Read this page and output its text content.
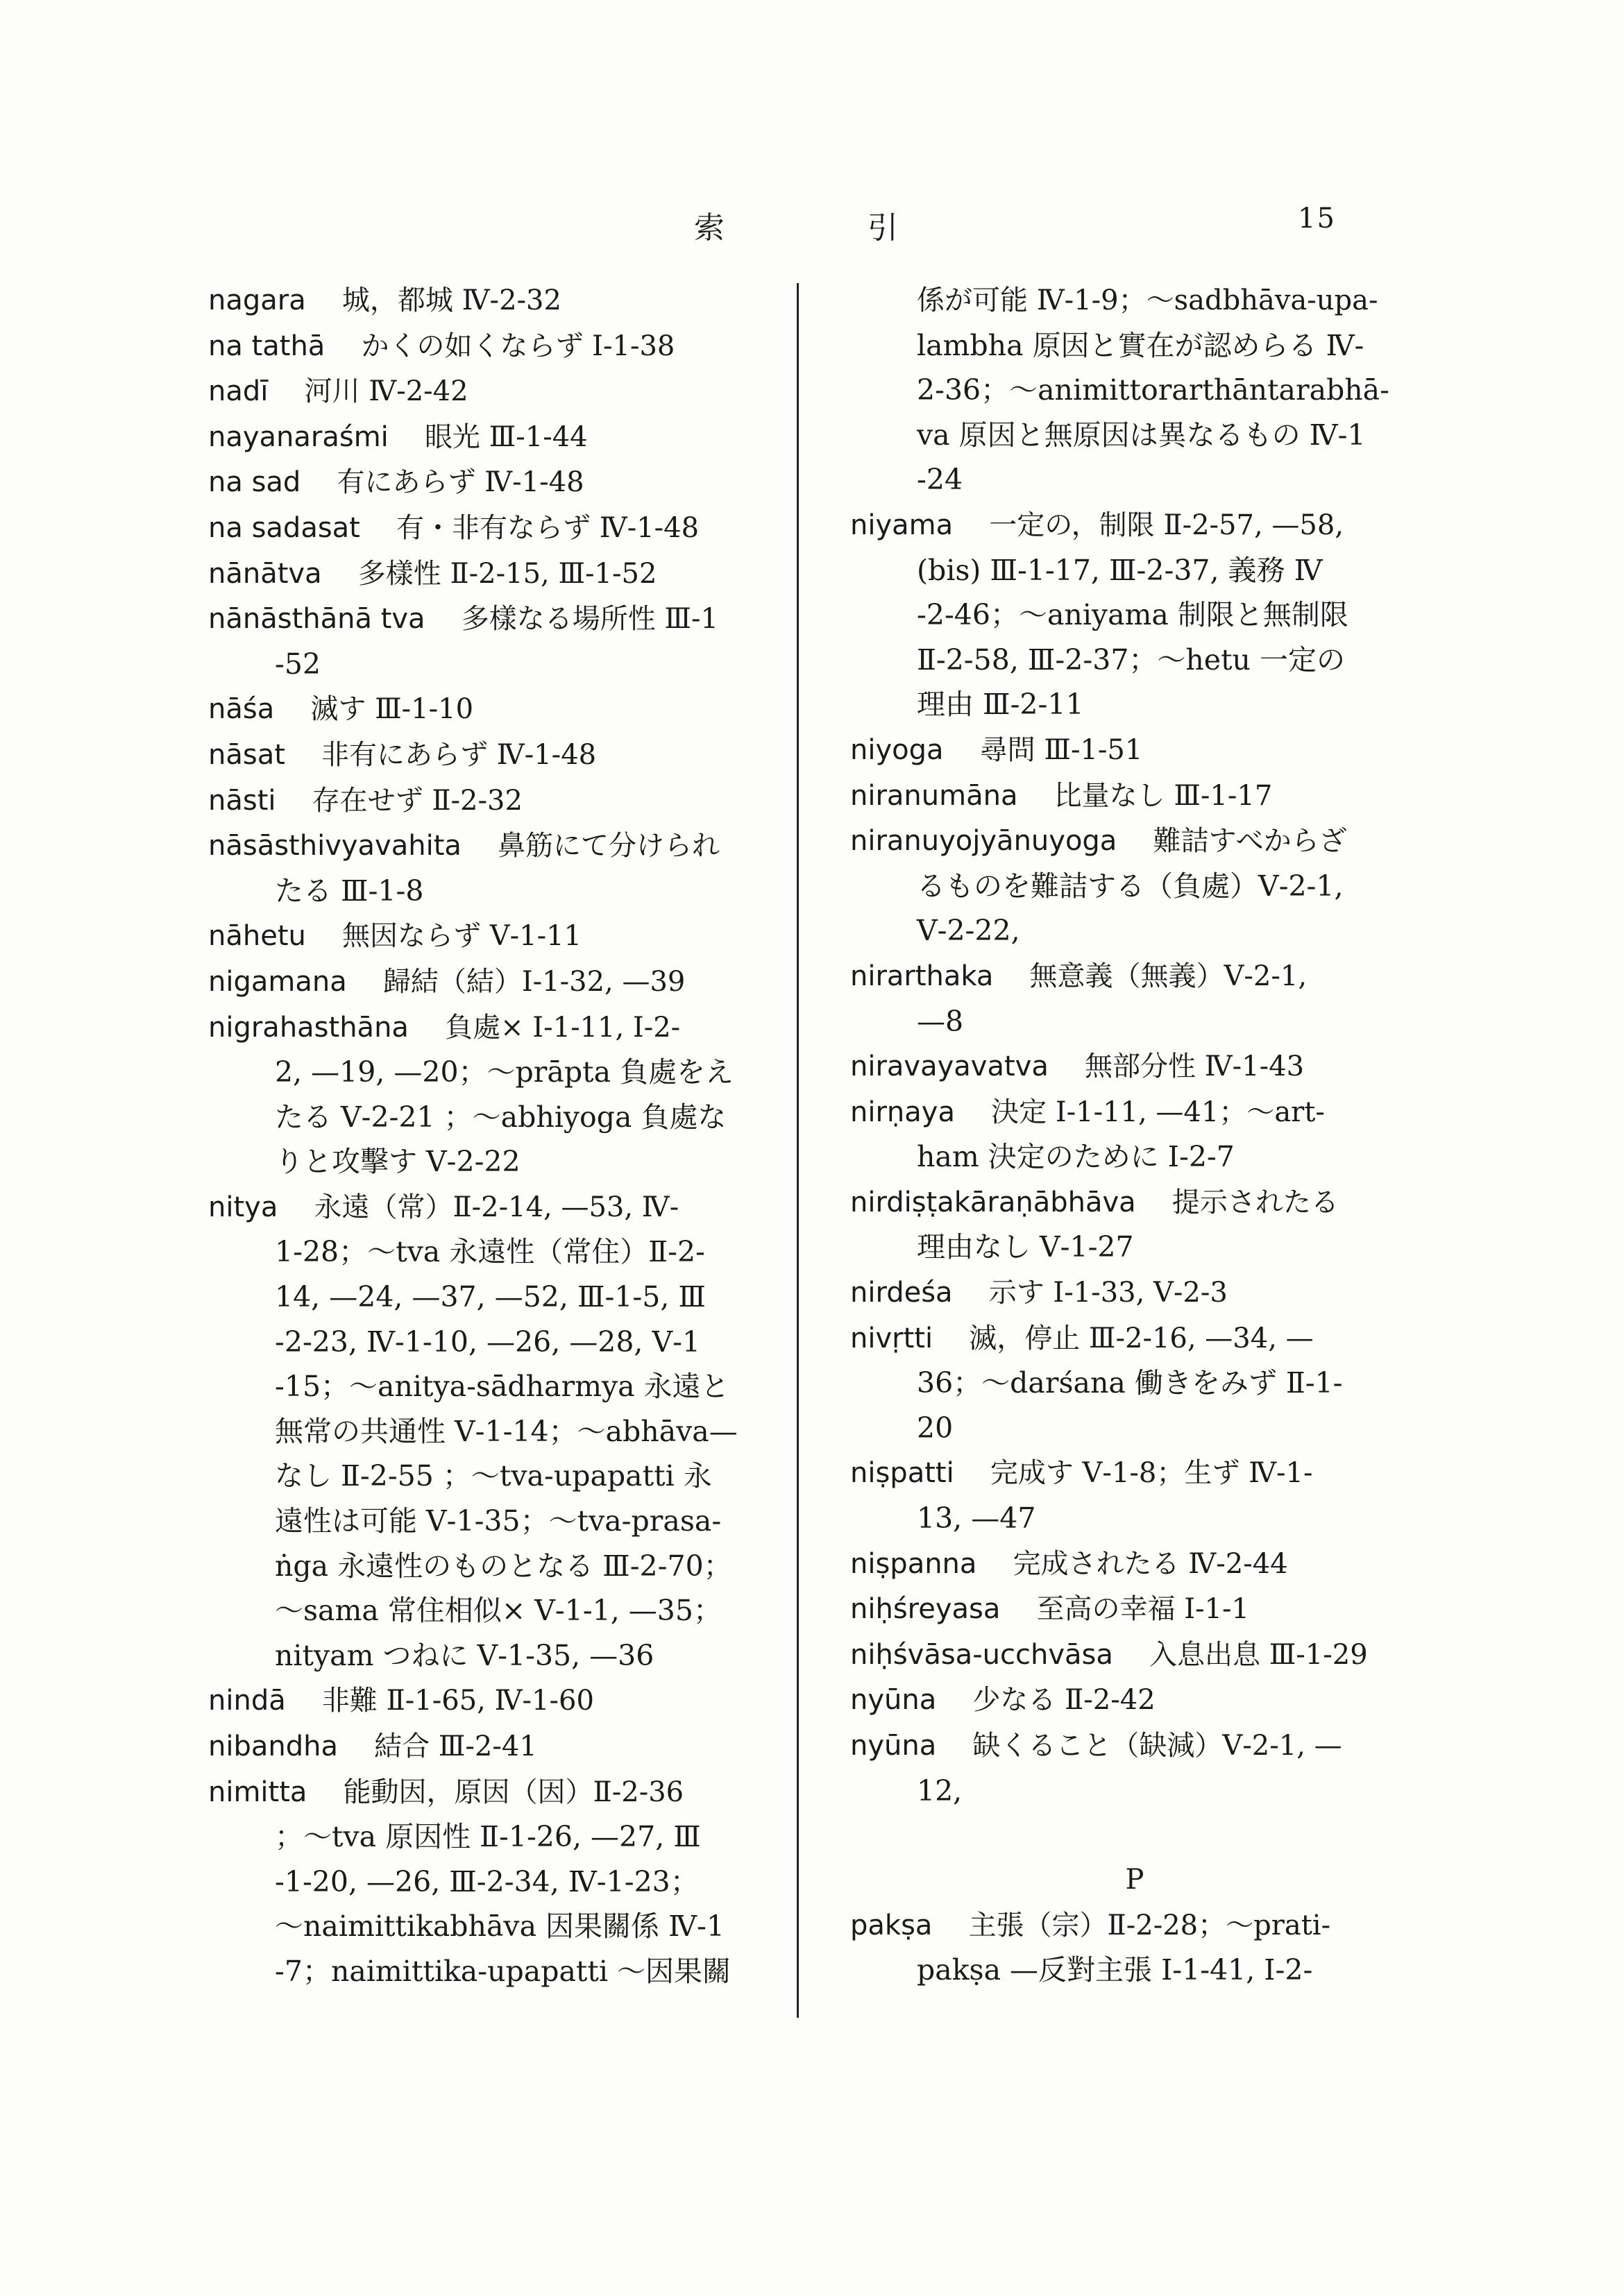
索	引	15
nagara 城，都城 Ⅳ-2-32
na tathā かくの如くならず Ⅰ-1-38
nadī 河川 Ⅳ-2-42
nayanaraśmi 眼光 Ⅲ-1-44
na sad 有にあらず Ⅳ-1-48
na sadasat 有・非有ならず Ⅳ-1-48
nānātva 多樣性 Ⅱ-2-15, Ⅲ-1-52
nānāsthānā tva 多樣なる場所性 Ⅲ-1
-52
nāśa 滅す Ⅲ-1-10
nāsat 非有にあらず Ⅳ-1-48
nāsti 存在せず Ⅱ-2-32
nāsāsthivyavahita 鼻筋にて分けられ
たる Ⅲ-1-8
nāhetu 無因ならず Ⅴ-1-11
nigamana 歸結（結）Ⅰ-1-32, —39
nigrahasthāna 負處× Ⅰ-1-11, Ⅰ-2-
2, —19, —20；～prāpta 負處をえ
たる Ⅴ-2-21 ；～abhiyoga 負處な
りと攻擊す Ⅴ-2-22
nitya 永遠（常）Ⅱ-2-14, —53, Ⅳ-
1-28；～tva 永遠性（常住）Ⅱ-2-
14, —24, —37, —52, Ⅲ-1-5, Ⅲ
-2-23, Ⅳ-1-10, —26, —28, Ⅴ-1
-15；～anitya-sādharmya 永遠と
無常の共通性 Ⅴ-1-14；～abhāva—
なし Ⅱ-2-55 ；～tva-upapatti 永
遠性は可能 Ⅴ-1-35；～tva-prasa-
ṅga 永遠性のものとなる Ⅲ-2-70；
～sama 常住相似× Ⅴ-1-1, —35；
nityam つねに Ⅴ-1-35, —36
nindā 非難 Ⅱ-1-65, Ⅳ-1-60
nibandha 結合 Ⅲ-2-41
nimitta 能動因，原因（因）Ⅱ-2-36
；～tva 原因性 Ⅱ-1-26, —27, Ⅲ
-1-20, —26, Ⅲ-2-34, Ⅳ-1-23；
～naimittikabhāva 因果關係 Ⅳ-1
-7；naimittika-upapatti ～因果關
係が可能 Ⅳ-1-9；～sadbhāva-upa-
lambha 原因と實在が認めらる Ⅳ-
2-36；～animittorarthāntarabhā-
va 原因と無原因は異なるもの Ⅳ-1
-24
niyama 一定の，制限 Ⅱ-2-57, —58,
(bis) Ⅲ-1-17, Ⅲ-2-37, 義務 Ⅳ
-2-46；～aniyama 制限と無制限
Ⅱ-2-58, Ⅲ-2-37；～hetu 一定の
理由 Ⅲ-2-11
niyoga 尋問 Ⅲ-1-51
niranumāna 比量なし Ⅲ-1-17
niranuyojyānuyoga 難詰すべからざ
るものを難詰する（負處）Ⅴ-2-1,
Ⅴ-2-22,
nirarthaka 無意義（無義）Ⅴ-2-1,
—8
niravayavatva 無部分性 Ⅳ-1-43
nirṇaya 決定 Ⅰ-1-11, —41；～art-
ham 決定のために Ⅰ-2-7
nirdiṣṭakāraṇābhāva 提示されたる
理由なし Ⅴ-1-27
nirdeśa 示す Ⅰ-1-33, Ⅴ-2-3
nivṛtti 滅，停止 Ⅲ-2-16, —34, —
36；～darśana 働きをみず Ⅱ-1-
20
niṣpatti 完成す Ⅴ-1-8；生ず Ⅳ-1-
13, —47
niṣpanna 完成されたる Ⅳ-2-44
niḥśreyasa 至高の幸福 Ⅰ-1-1
niḥśvāsa-ucchvāsa 入息出息 Ⅲ-1-29
nyūna 少なる Ⅱ-2-42
nyūna 缺くること（缺減）Ⅴ-2-1, —
12,
P
pakṣa 主張（宗）Ⅱ-2-28；～prati-
pakṣa —反對主張 Ⅰ-1-41, Ⅰ-2-
